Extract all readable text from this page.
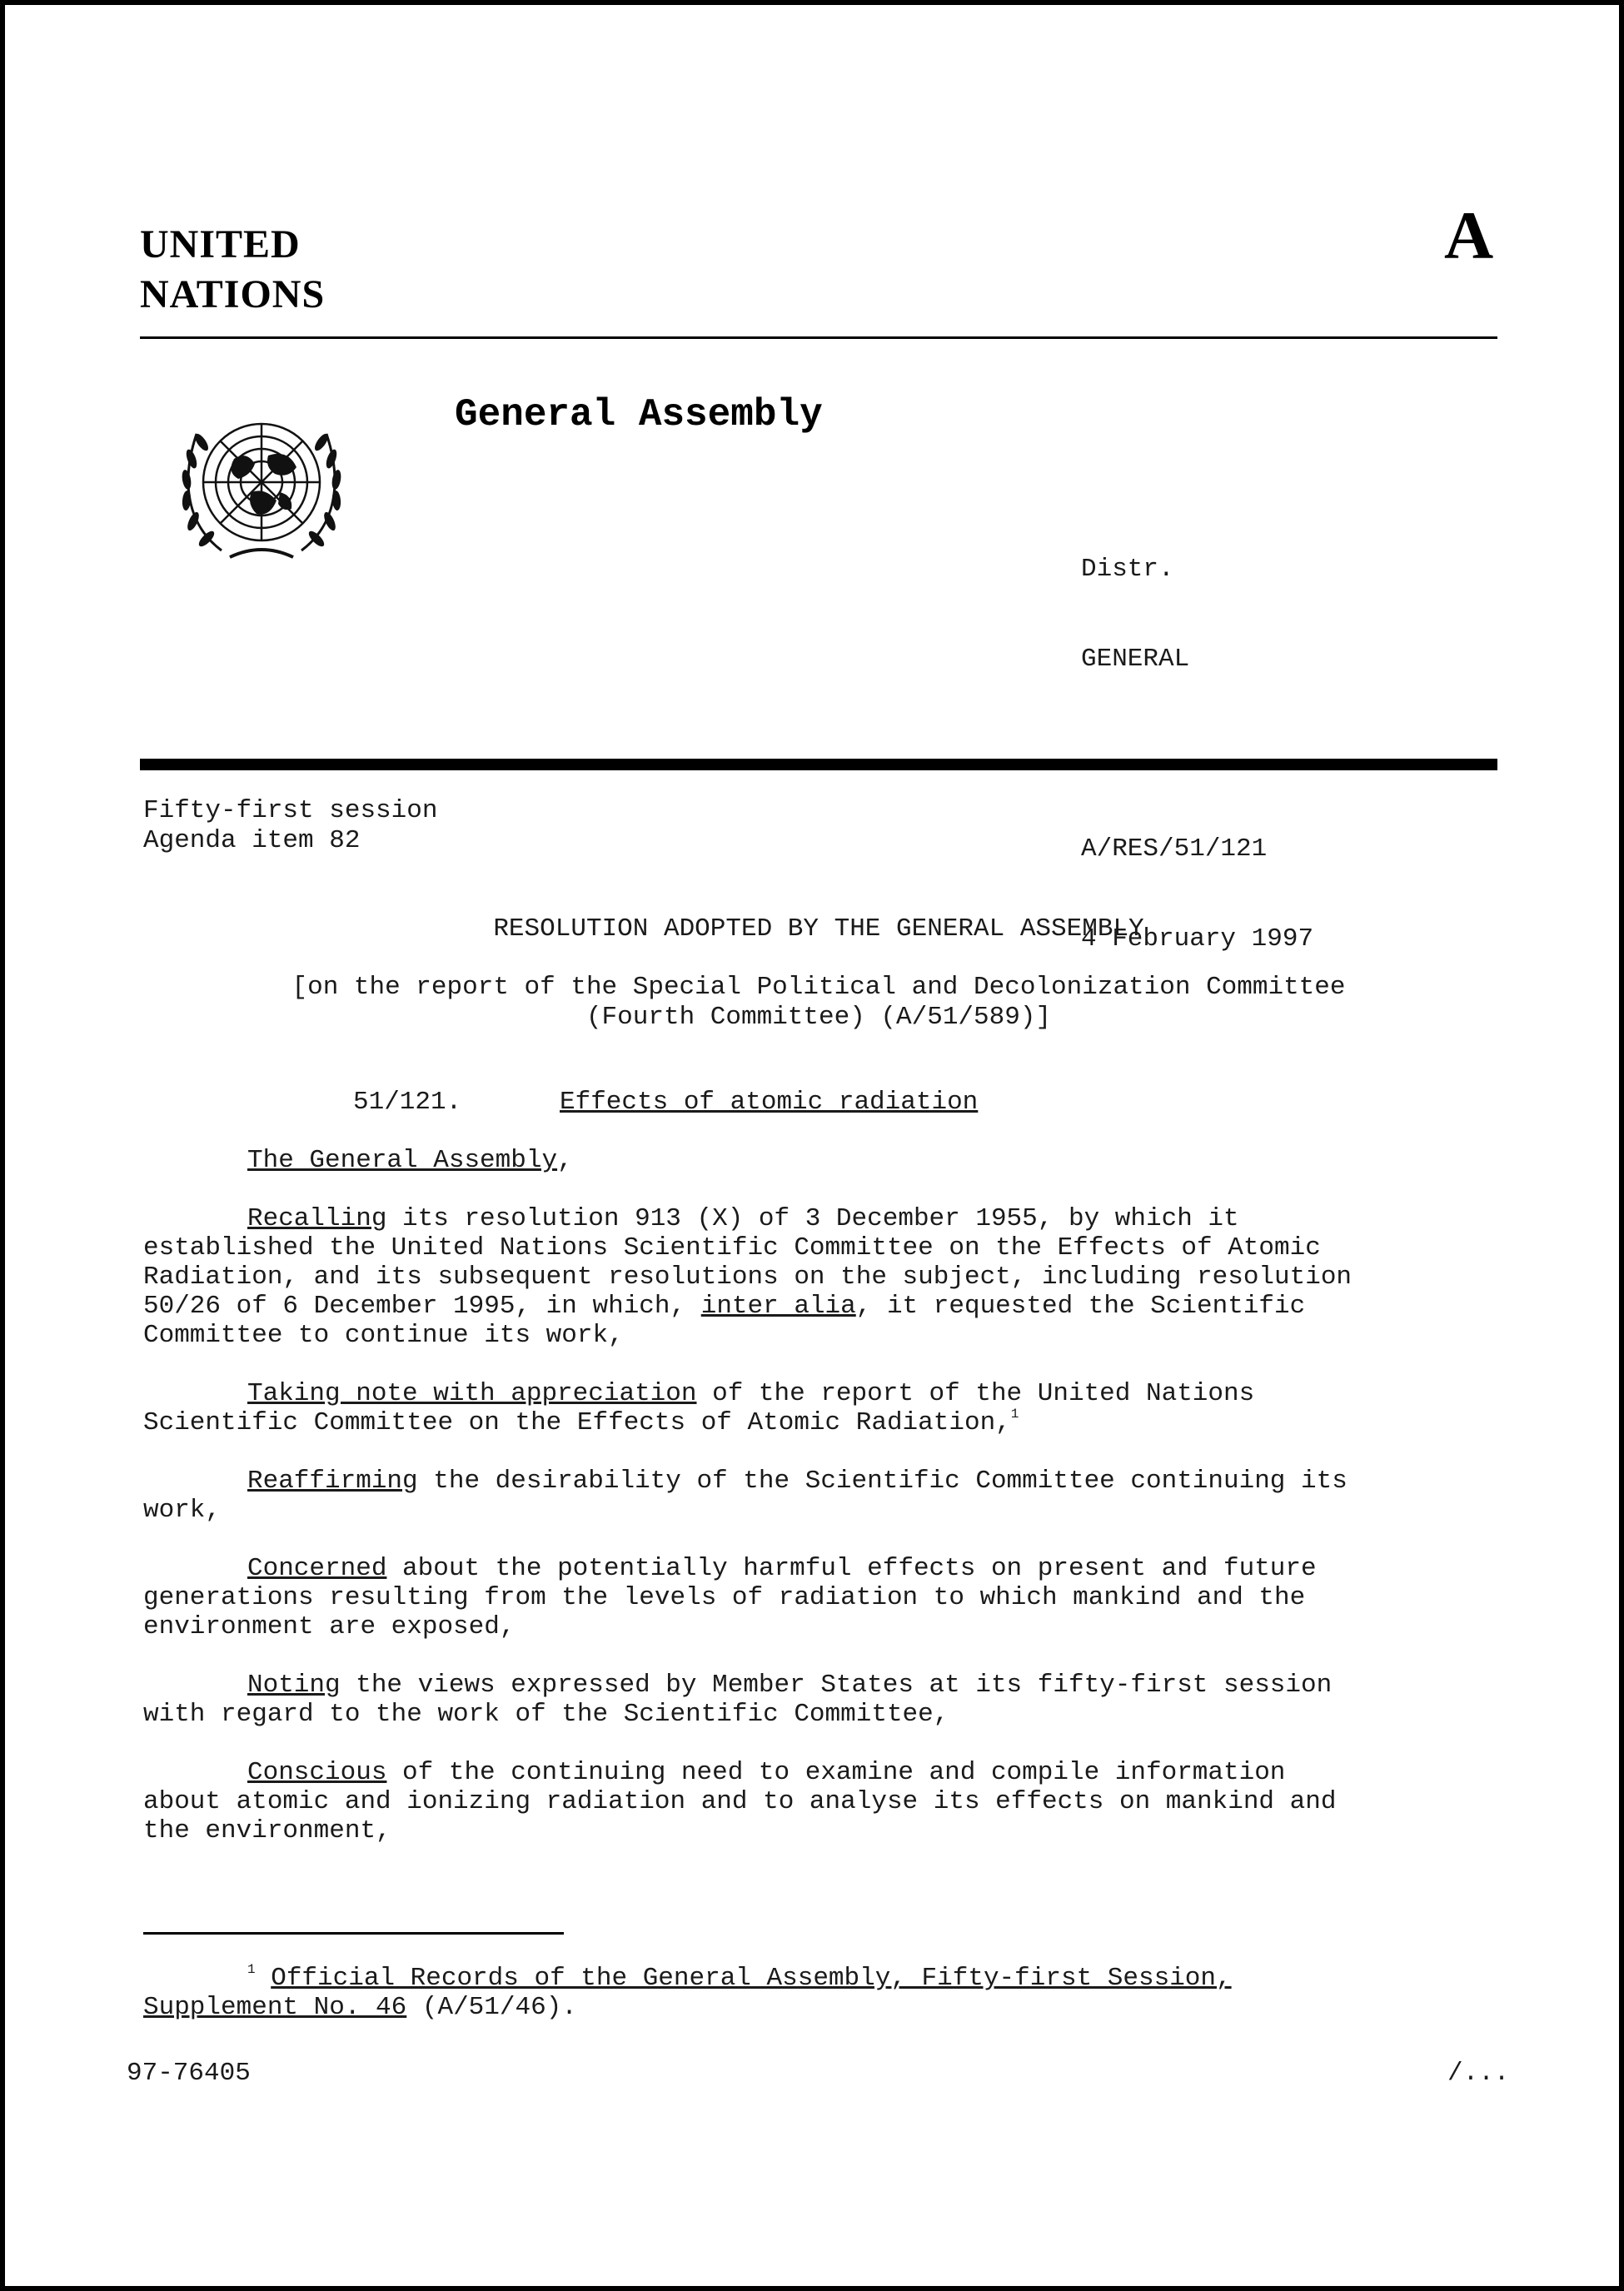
UNITED
NATIONS
A
General Assembly

Distr.

GENERAL

A/RES/51/121

4 February 1997

Fifty-first session
Agenda item 82
RESOLUTION ADOPTED BY THE GENERAL ASSEMBLY
[on the report of the Special Political and Decolonization Committee
(Fourth Committee) (A/51/589)]
51/121.	Effects of atomic radiation
The General Assembly,
Recalling its resolution 913 (X) of 3 December 1955, by which it
established the United Nations Scientific Committee on the Effects of Atomic
Radiation, and its subsequent resolutions on the subject, including resolution
50/26 of 6 December 1995, in which, inter alia, it requested the Scientific
Committee to continue its work,
Taking note with appreciation of the report of the United Nations
Scientific Committee on the Effects of Atomic Radiation,$^1$
Reaffirming the desirability of the Scientific Committee continuing its
work,
Concerned about the potentially harmful effects on present and future
generations resulting from the levels of radiation to which mankind and the
environment are exposed,
Noting the views expressed by Member States at its fifty-first session
with regard to the work of the Scientific Committee,
Conscious of the continuing need to examine and compile information
about atomic and ionizing radiation and to analyse its effects on mankind and
the environment,
$^1$ Official Records of the General Assembly, Fifty-first Session,
Supplement No. 46 (A/51/46).
97-76405	/...
